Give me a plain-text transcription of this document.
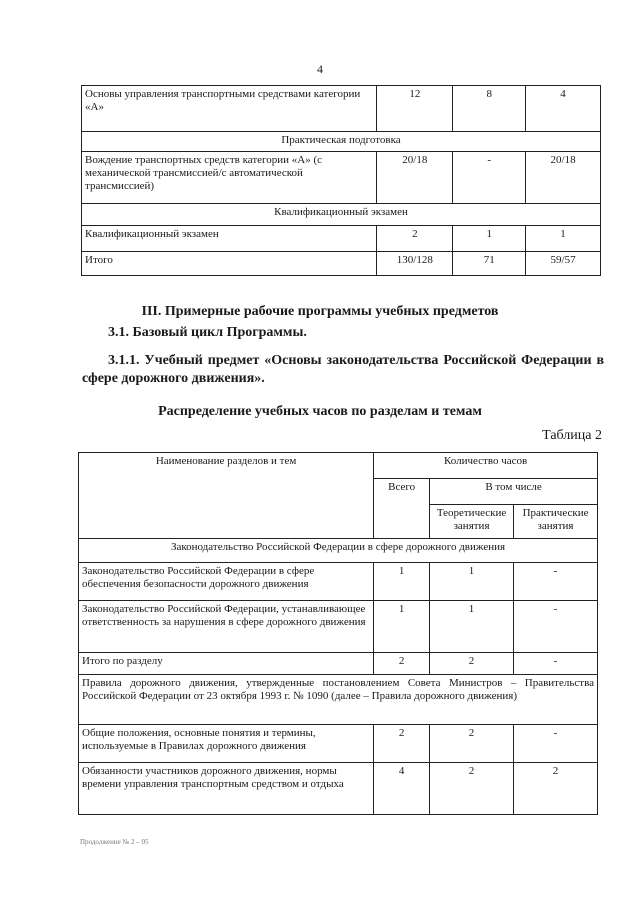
4
Основы управления транспортными средствами категории «А»	12	8	4
Практическая подготовка			
Вождение транспортных средств категории «А» (с механической трансмиссией/с автоматической трансмиссией)	20/18	-	20/18
Квалификационный экзамен			
Квалификационный экзамен	2	1	1
Итого	130/128	71	59/57
III. Примерные рабочие программы учебных предметов
3.1. Базовый цикл Программы.
3.1.1. Учебный предмет «Основы законодательства Российской Федерации в сфере дорожного движения».
Распределение учебных часов по разделам и темам
Таблица 2
Наименование разделов и тем	Количество часов		
	Всего	В том числе	
		Теоретические занятия	Практические занятия
Законодательство Российской Федерации в сфере дорожного движения			
Законодательство Российской Федерации в сфере обеспечения безопасности дорожного движения	1	1	-
Законодательство Российской Федерации, устанавливающее ответственность за нарушения в сфере дорожного движения	1	1	-
Итого по разделу	2	2	-
Правила дорожного движения, утвержденные постановлением Совета Министров – Правительства Российской Федерации от 23 октября 1993 г. № 1090 (далее – Правила дорожного движения)			
Общие положения, основные понятия и термины, используемые в Правилах дорожного движения	2	2	-
Обязанности участников дорожного движения, нормы времени управления транспортным средством и отдыха	4	2	2
Продолжение № 2 – 05
